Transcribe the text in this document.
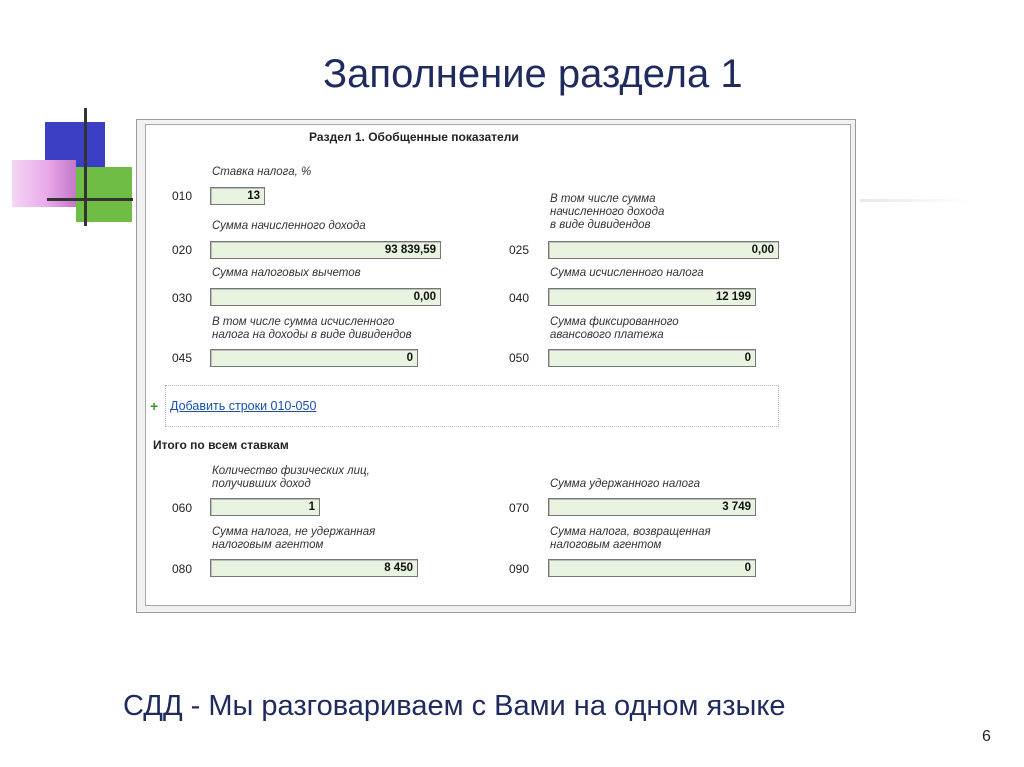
Заполнение раздела 1
Раздел 1. Обобщенные показатели
Ставка налога, %
010	13
Сумма начисленного дохода
020	93 839,59
В том числе сумма
начисленного дохода
в виде дивидендов
025	0,00
Сумма налоговых вычетов
030	0,00
Сумма исчисленного налога
040	12 199
В том числе сумма исчисленного
налога на доходы в виде дивидендов
045	0
Сумма фиксированного
авансового платежа
050	0
+ Добавить строки 010-050
Итого по всем ставкам
Количество физических лиц,
получивших доход
060	1
Сумма удержанного налога
070	3 749
Сумма налога, не удержанная
налоговым агентом
080	8 450
Сумма налога, возвращенная
налоговым агентом
090	0
СДД - Мы разговариваем с Вами на одном языке
6
